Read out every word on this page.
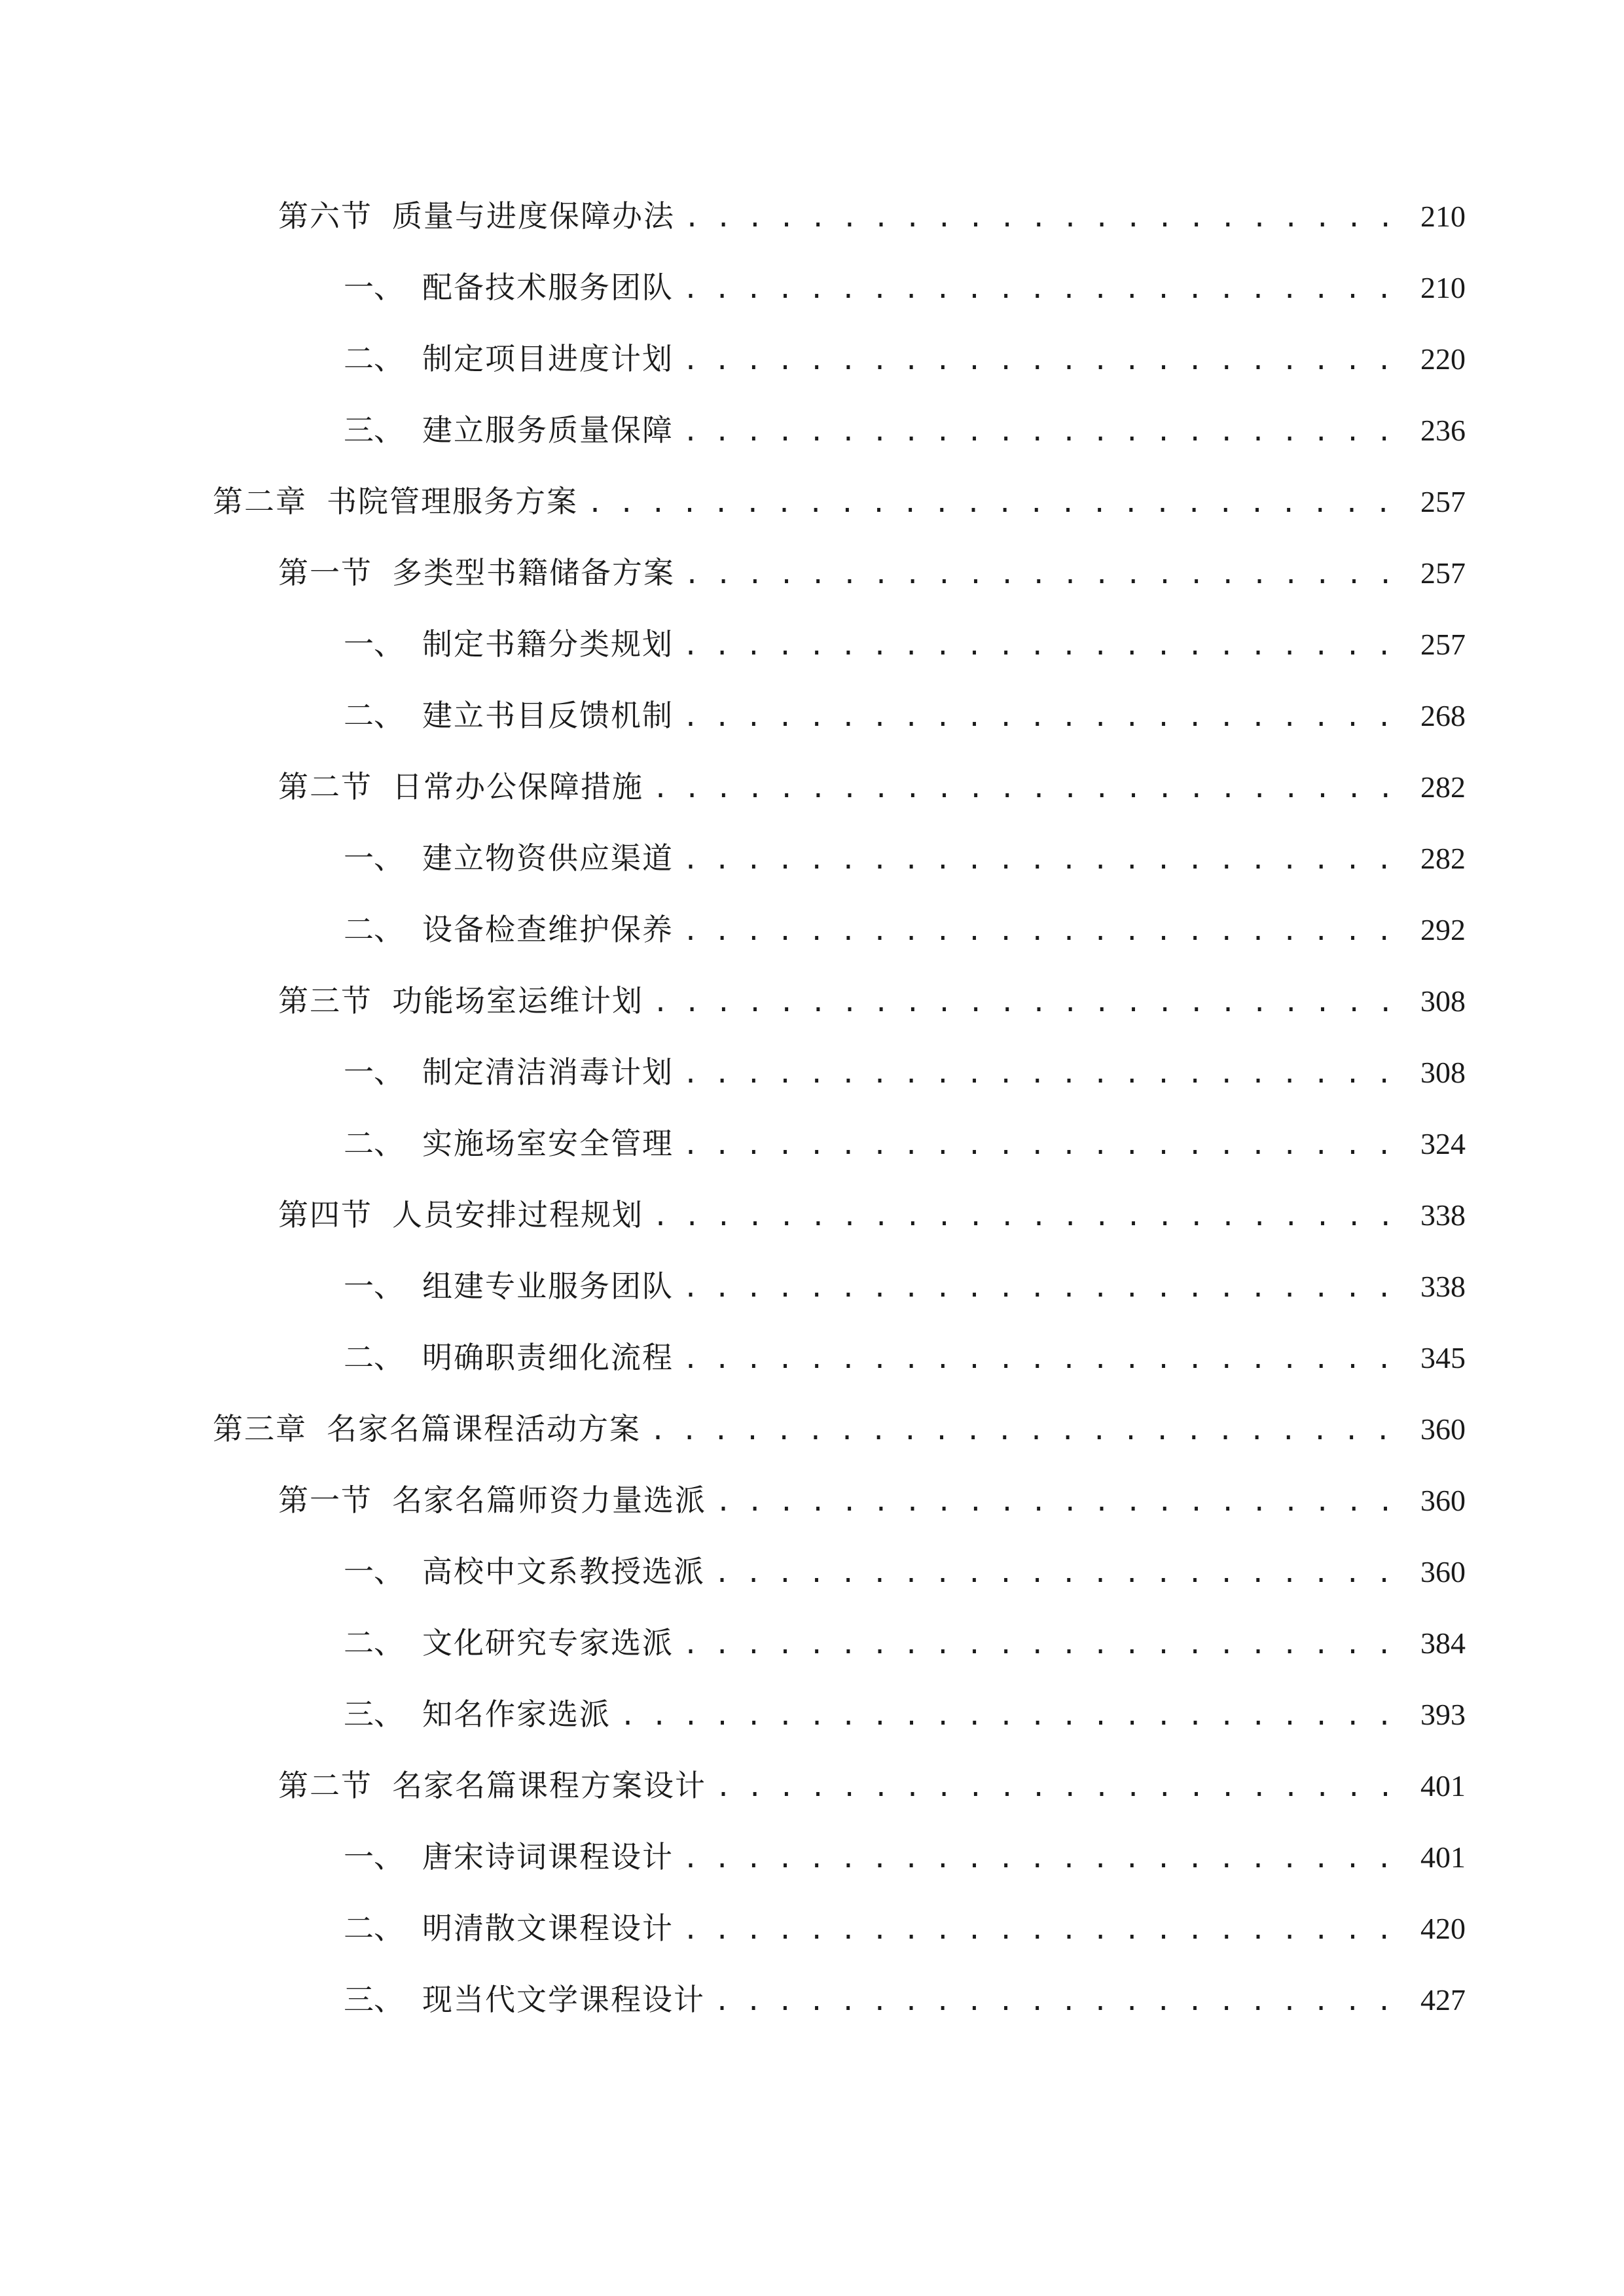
第六节 质量与进度保障办法 . . .	210
一、 配备技术服务团队 . . .	210
二、 制定项目进度计划 . . .	220
三、 建立服务质量保障 . . .	236
第二章 书院管理服务方案 . . .	257
第一节 多类型书籍储备方案 . . .	257
一、 制定书籍分类规划 . . .	257
二、 建立书目反馈机制 . . .	268
第二节 日常办公保障措施 . . .	282
一、 建立物资供应渠道 . . .	282
二、 设备检查维护保养 . . .	292
第三节 功能场室运维计划 . . .	308
一、 制定清洁消毒计划 . . .	308
二、 实施场室安全管理 . . .	324
第四节 人员安排过程规划 . . .	338
一、 组建专业服务团队 . . .	338
二、 明确职责细化流程 . . .	345
第三章 名家名篇课程活动方案 . . .	360
第一节 名家名篇师资力量选派 . . .	360
一、 高校中文系教授选派 . . .	360
二、 文化研究专家选派 . . .	384
三、 知名作家选派 . . .	393
第二节 名家名篇课程方案设计 . . .	401
一、 唐宋诗词课程设计 . . .	401
二、 明清散文课程设计 . . .	420
三、 现当代文学课程设计 . . .	427
